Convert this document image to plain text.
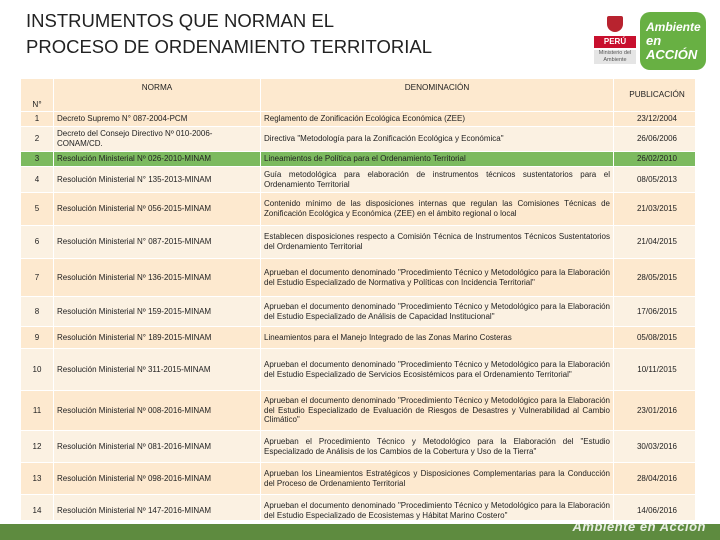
INSTRUMENTOS QUE NORMAN EL
PROCESO DE ORDENAMIENTO TERRITORIAL	PERÚ
Ministerio del Ambiente
Ambiente
en ACCIÓN
N°	NORMA	DENOMINACIÓN	PUBLICACIÓN
1	Decreto Supremo N° 087-2004-PCM	Reglamento de Zonificación Ecológica Económica (ZEE)	23/12/2004
2	Decreto del Consejo Directivo Nº 010-2006-CONAM/CD.	Directiva "Metodología para la Zonificación Ecológica y Económica"	26/06/2006
3	Resolución Ministerial Nº 026-2010-MINAM	Lineamientos de Política para el Ordenamiento Territorial	26/02/2010
4	Resolución Ministerial N° 135-2013-MINAM	Guía metodológica para elaboración de instrumentos técnicos sustentatorios para el Ordenamiento Territorial	08/05/2013
5	Resolución Ministerial Nº 056-2015-MINAM	Contenido mínimo de las disposiciones internas que regulan las Comisiones Técnicas de Zonificación Ecológica y Económica (ZEE) en el ámbito regional o local	21/03/2015
6	Resolución Ministerial N° 087-2015-MINAM	Establecen disposiciones respecto a Comisión Técnica de Instrumentos Técnicos Sustentatorios del Ordenamiento Territorial	21/04/2015
7	Resolución Ministerial Nº 136-2015-MINAM	Aprueban el documento denominado "Procedimiento Técnico y Metodológico para la Elaboración del Estudio Especializado de Normativa y Políticas con Incidencia Territorial"	28/05/2015
8	Resolución Ministerial Nº 159-2015-MINAM	Aprueban el documento denominado "Procedimiento Técnico y Metodológico para la Elaboración del Estudio Especializado de Análisis de Capacidad Institucional"	17/06/2015
9	Resolución Ministerial N° 189-2015-MINAM	Lineamientos para el Manejo Integrado de las Zonas Marino Costeras	05/08/2015
10	Resolución Ministerial Nº 311-2015-MINAM	Aprueban el documento denominado "Procedimiento Técnico y Metodológico para la Elaboración del Estudio Especializado de Servicios Ecosistémicos para el Ordenamiento Territorial"	10/11/2015
11	Resolución Ministerial Nº 008-2016-MINAM	Aprueban el documento denominado "Procedimiento Técnico y Metodológico para la Elaboración del Estudio Especializado de Evaluación de Riesgos de Desastres y Vulnerabilidad al Cambio Climático"	23/01/2016
12	Resolución Ministerial Nº 081-2016-MINAM	Aprueban el Procedimiento Técnico y Metodológico para la Elaboración del "Estudio Especializado de Análisis de los Cambios de la Cobertura y Uso de la Tierra"	30/03/2016
13	Resolución Ministerial Nº 098-2016-MINAM	Aprueban los Lineamientos Estratégicos y Disposiciones Complementarias para la Conducción del Proceso de Ordenamiento Territorial	28/04/2016
14	Resolución Ministerial Nº 147-2016-MINAM	Aprueban el documento denominado "Procedimiento Técnico y Metodológico para la Elaboración del Estudio Especializado de Ecosistemas y Hábitat Marino Costero"	14/06/2016
Ambiente en Acción
